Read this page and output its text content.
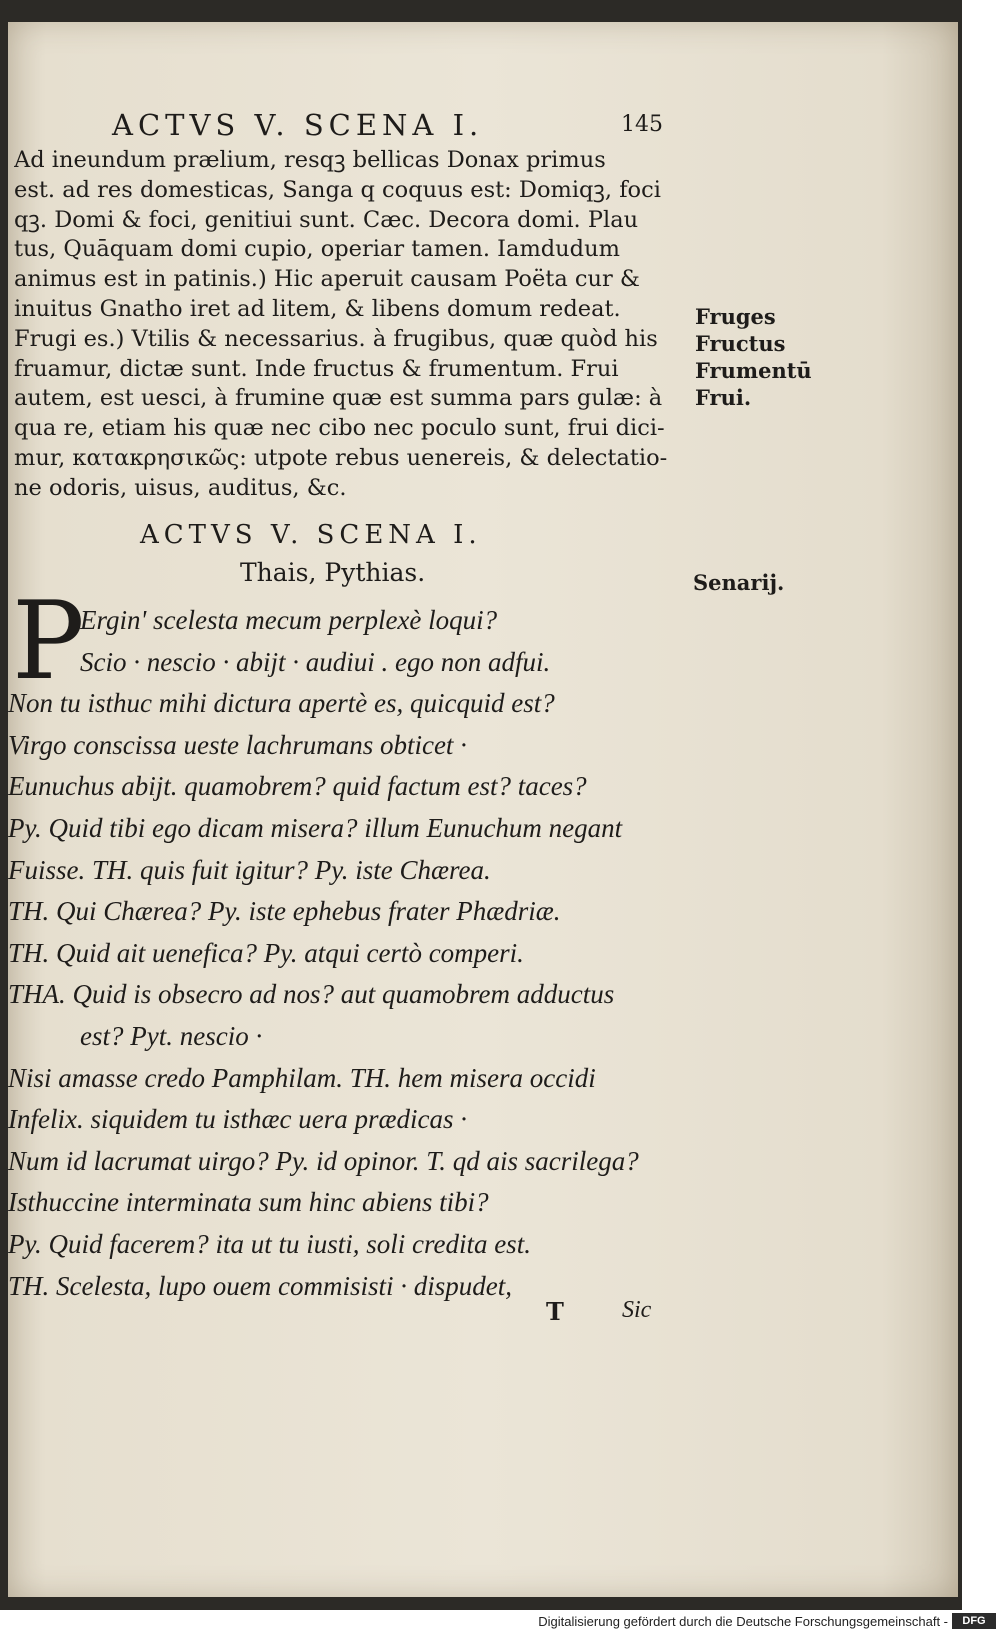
ACTVS V. SCENA I.	145
Ad ineundum prælium, resqꝫ bellicas Donax primus
est. ad res domesticas, Sanga q coquus est: Domiqꝫ, foci
qꝫ. Domi & foci, genitiui sunt. Cæc. Decora domi. Plau
tus, Quāquam domi cupio, operiar tamen. Iamdudum
animus est in patinis.) Hic aperuit causam Poëta cur &
inuitus Gnatho iret ad litem, & libens domum redeat.
Frugi es.) Vtilis & necessarius. à frugibus, quæ quòd his
fruamur, dictæ sunt. Inde fructus & frumentum. Frui
autem, est uesci, à frumine quæ est summa pars gulæ: à
qua re, etiam his quæ nec cibo nec poculo sunt, frui dici-
mur, κατακρησικῶς: utpote rebus uenereis, & delectatio-
ne odoris, uisus, auditus, &c.
Fruges
Fructus
Frumentū
Frui.
ACTVS V. SCENA I.
Thais, Pythias.	Senarij.
P
Ergin' scelesta mecum perplexè loqui?
Scio · nescio · abijt · audiui . ego non adfui.
Non tu isthuc mihi dictura apertè es, quicquid est?
Virgo conscissa ueste lachrumans obticet ·
Eunuchus abijt. quamobrem? quid factum est? taces?
Py. Quid tibi ego dicam misera? illum Eunuchum negant
Fuisse. TH. quis fuit igitur? Py. iste Chærea.
TH. Qui Chærea? Py. iste ephebus frater Phædriæ.
TH. Quid ait uenefica? Py. atqui certò comperi.
THA. Quid is obsecro ad nos? aut quamobrem adductus
est? Pyt. nescio ·
Nisi amasse credo Pamphilam. TH. hem misera occidi
Infelix. siquidem tu isthæc uera prædicas ·
Num id lacrumat uirgo? Py. id opinor. T. qd ais sacrilega?
Isthuccine interminata sum hinc abiens tibi?
Py. Quid facerem? ita ut tu iusti, soli credita est.
TH. Scelesta, lupo ouem commisisti · dispudet,
T Sic
Digitalisierung gefördert durch die Deutsche Forschungsgemeinschaft -	DFG
